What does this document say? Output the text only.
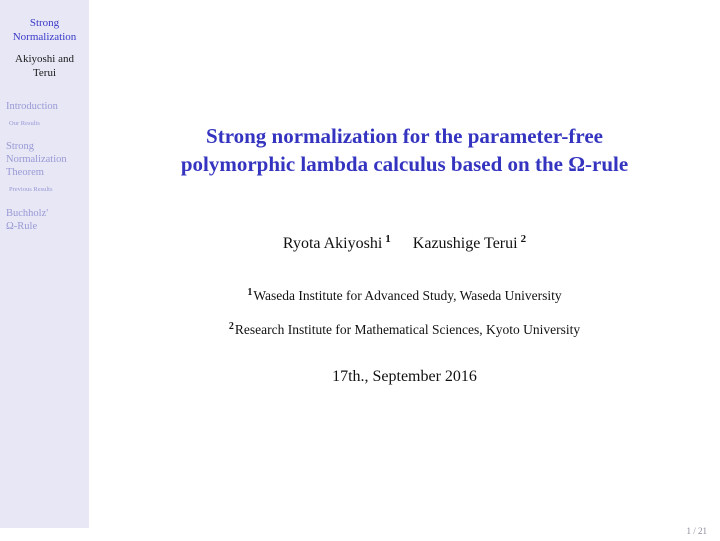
Strong
Normalization
Akiyoshi and
Terui
Introduction
Our Results
Strong
Normalization
Theorem
Previous Results
Buchholz'
Ω-Rule
Strong normalization for the parameter-free
polymorphic lambda calculus based on the Ω-rule
Ryota Akiyoshi $^1$ Kazushige Terui $^2$
$^1$Waseda Institute for Advanced Study, Waseda University
$^2$Research Institute for Mathematical Sciences, Kyoto University
17th., September 2016
1 / 21
